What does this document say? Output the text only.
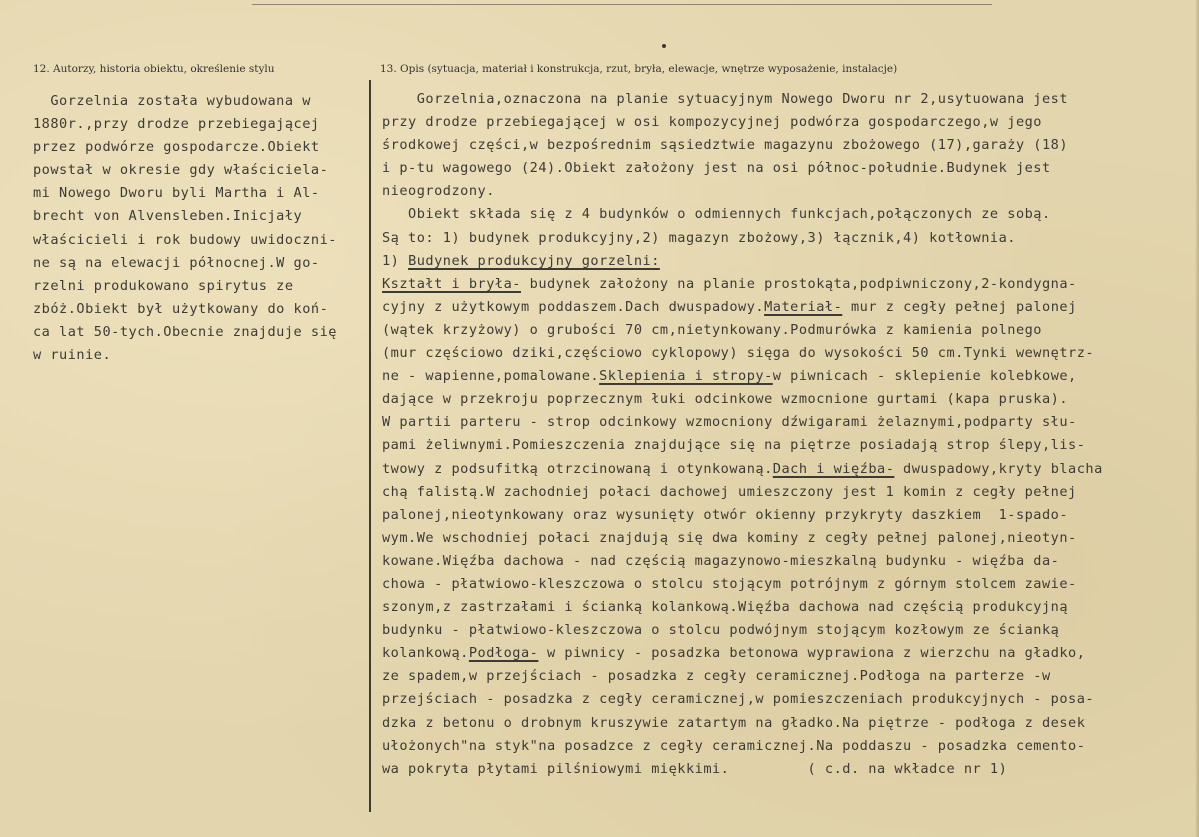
12. Autorzy, historia obiektu, określenie stylu	13. Opis (sytuacja, materiał i konstrukcja, rzut, bryła, elewacje, wnętrze wyposażenie, instalacje)
Gorzelnia została wybudowana w
1880r.,przy drodze przebiegającej
przez podwórze gospodarcze.Obiekt
powstał w okresie gdy właściciela-
mi Nowego Dworu byli Martha i Al-
brecht von Alvensleben.Inicjały
właścicieli i rok budowy uwidoczni-
ne są na elewacji północnej.W go-
rzelni produkowano spirytus ze
zbóż.Obiekt był użytkowany do koń-
ca lat 50-tych.Obecnie znajduje się
w ruinie.
Gorzelnia,oznaczona na planie sytuacyjnym Nowego Dworu nr 2,usytuowana jest
przy drodze przebiegającej w osi kompozycyjnej podwórza gospodarczego,w jego
środkowej części,w bezpośrednim sąsiedztwie magazynu zbożowego (17),garaży (18)
i p-tu wagowego (24).Obiekt założony jest na osi północ-południe.Budynek jest
nieogrodzony.
Obiekt składa się z 4 budynków o odmiennych funkcjach,połączonych ze sobą.
Są to: 1) budynek produkcyjny,2) magazyn zbożowy,3) łącznik,4) kotłownia.
1) Budynek produkcyjny gorzelni:
Kształt i bryła- budynek założony na planie prostokąta,podpiwniczony,2-kondygna-
cyjny z użytkowym poddaszem.Dach dwuspadowy.Materiał- mur z cegły pełnej palonej
(wątek krzyżowy) o grubości 70 cm,nietynkowany.Podmurówka z kamienia polnego
(mur częściowo dziki,częściowo cyklopowy) sięga do wysokości 50 cm.Tynki wewnętrz-
ne - wapienne,pomalowane.Sklepienia i stropy-w piwnicach - sklepienie kolebkowe,
dające w przekroju poprzecznym łuki odcinkowe wzmocnione gurtami (kapa pruska).
W partii parteru - strop odcinkowy wzmocniony dźwigarami żelaznymi,podparty słu-
pami żeliwnymi.Pomieszczenia znajdujące się na piętrze posiadają strop ślepy,lis-
twowy z podsufitką otrzcinowaną i otynkowaną.Dach i więźba- dwuspadowy,kryty blacha
chą falistą.W zachodniej połaci dachowej umieszczony jest 1 komin z cegły pełnej
palonej,nieotynkowany oraz wysunięty otwór okienny przykryty daszkiem  1-spado-
wym.We wschodniej połaci znajdują się dwa kominy z cegły pełnej palonej,nieotyn-
kowane.Więźba dachowa - nad częścią magazynowo-mieszkalną budynku - więźba da-
chowa - płatwiowo-kleszczowa o stolcu stojącym potrójnym z górnym stolcem zawie-
szonym,z zastrzałami i ścianką kolankową.Więźba dachowa nad częścią produkcyjną
budynku - płatwiowo-kleszczowa o stolcu podwójnym stojącym kozłowym ze ścianką
kolankową.Podłoga- w piwnicy - posadzka betonowa wyprawiona z wierzchu na gładko,
ze spadem,w przejściach - posadzka z cegły ceramicznej.Podłoga na parterze -w
przejściach - posadzka z cegły ceramicznej,w pomieszczeniach produkcyjnych - posa-
dzka z betonu o drobnym kruszywie zatartym na gładko.Na piętrze - podłoga z desek
ułożonych"na styk"na posadzce z cegły ceramicznej.Na poddaszu - posadzka cemento-
wa pokryta płytami pilśniowymi miękkimi.         ( c.d. na wkładce nr 1)
